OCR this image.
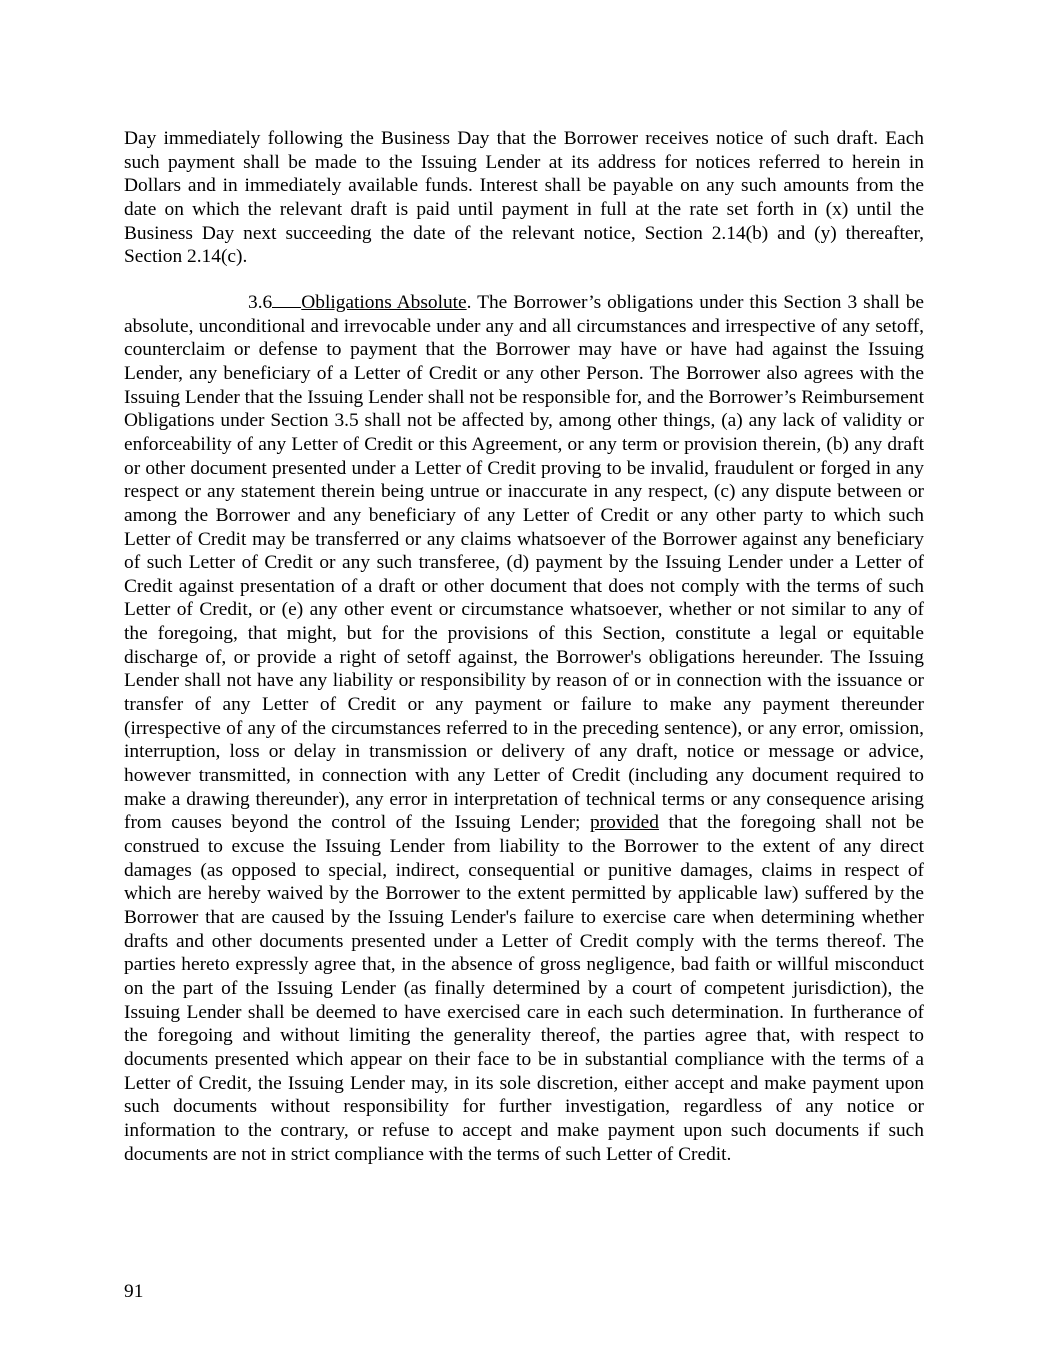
Day immediately following the Business Day that the Borrower receives notice of such draft. Each such payment shall be made to the Issuing Lender at its address for notices referred to herein in Dollars and in immediately available funds. Interest shall be payable on any such amounts from the date on which the relevant draft is paid until payment in full at the rate set forth in (x) until the Business Day next succeeding the date of the relevant notice, Section 2.14(b) and (y) thereafter, Section 2.14(c).

3.6 Obligations Absolute. The Borrower’s obligations under this Section 3 shall be absolute, unconditional and irrevocable under any and all circumstances and irrespective of any setoff, counterclaim or defense to payment that the Borrower may have or have had against the Issuing Lender, any beneficiary of a Letter of Credit or any other Person. The Borrower also agrees with the Issuing Lender that the Issuing Lender shall not be responsible for, and the Borrower’s Reimbursement Obligations under Section 3.5 shall not be affected by, among other things, (a) any lack of validity or enforceability of any Letter of Credit or this Agreement, or any term or provision therein, (b) any draft or other document presented under a Letter of Credit proving to be invalid, fraudulent or forged in any respect or any statement therein being untrue or inaccurate in any respect, (c) any dispute between or among the Borrower and any beneficiary of any Letter of Credit or any other party to which such Letter of Credit may be transferred or any claims whatsoever of the Borrower against any beneficiary of such Letter of Credit or any such transferee, (d) payment by the Issuing Lender under a Letter of Credit against presentation of a draft or other document that does not comply with the terms of such Letter of Credit, or (e) any other event or circumstance whatsoever, whether or not similar to any of the foregoing, that might, but for the provisions of this Section, constitute a legal or equitable discharge of, or provide a right of setoff against, the Borrower's obligations hereunder. The Issuing Lender shall not have any liability or responsibility by reason of or in connection with the issuance or transfer of any Letter of Credit or any payment or failure to make any payment thereunder (irrespective of any of the circumstances referred to in the preceding sentence), or any error, omission, interruption, loss or delay in transmission or delivery of any draft, notice or message or advice, however transmitted, in connection with any Letter of Credit (including any document required to make a drawing thereunder), any error in interpretation of technical terms or any consequence arising from causes beyond the control of the Issuing Lender; provided that the foregoing shall not be construed to excuse the Issuing Lender from liability to the Borrower to the extent of any direct damages (as opposed to special, indirect, consequential or punitive damages, claims in respect of which are hereby waived by the Borrower to the extent permitted by applicable law) suffered by the Borrower that are caused by the Issuing Lender's failure to exercise care when determining whether drafts and other documents presented under a Letter of Credit comply with the terms thereof. The parties hereto expressly agree that, in the absence of gross negligence, bad faith or willful misconduct on the part of the Issuing Lender (as finally determined by a court of competent jurisdiction), the Issuing Lender shall be deemed to have exercised care in each such determination. In furtherance of the foregoing and without limiting the generality thereof, the parties agree that, with respect to documents presented which appear on their face to be in substantial compliance with the terms of a Letter of Credit, the Issuing Lender may, in its sole discretion, either accept and make payment upon such documents without responsibility for further investigation, regardless of any notice or information to the contrary, or refuse to accept and make payment upon such documents if such documents are not in strict compliance with the terms of such Letter of Credit.

91
